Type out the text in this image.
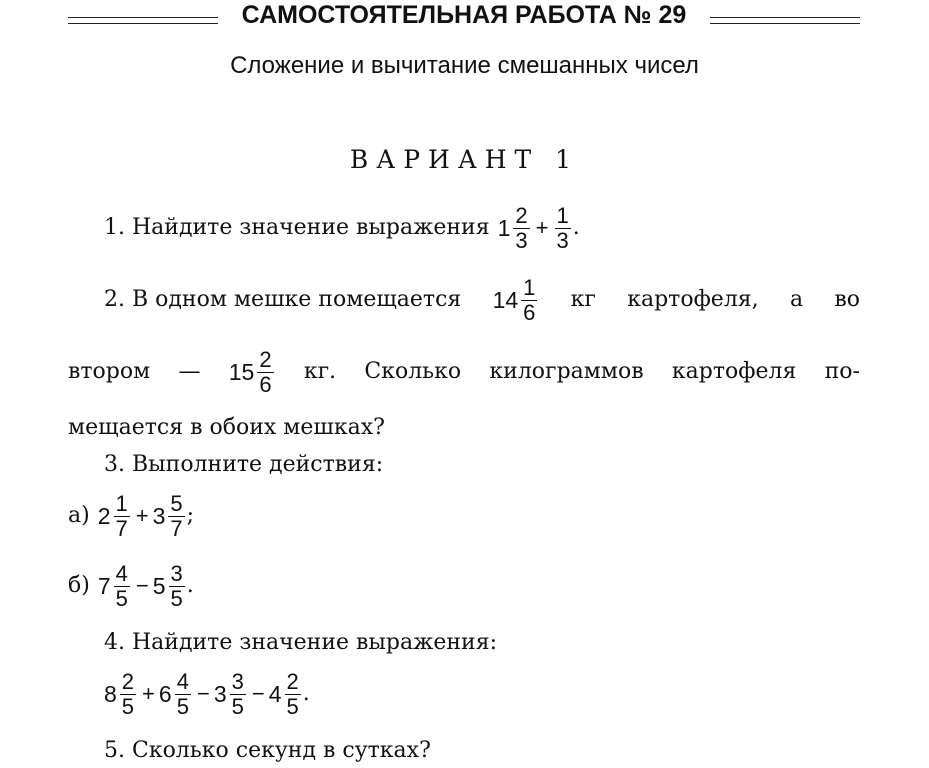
САМОСТОЯТЕЛЬНАЯ РАБОТА № 29
Сложение и вычитание смешанных чисел
ВАРИАНТ 1
1. Найдите значение выражения $1 \frac{2}{3} + \frac{1}{3}$ .
2. В одном мешке помещается $14 \frac{1}{6}$ кг картофеля, а во
втором — $15 \frac{2}{6}$ кг. Сколько килограммов картофеля по-
мещается в обоих мешках?
3. Выполните действия:
а) $2 \frac{1}{7} + 3 \frac{5}{7}$ ;
б) $7 \frac{4}{5} - 5 \frac{3}{5}$ .
4. Найдите значение выражения:
$8 \frac{2}{5} + 6 \frac{4}{5} - 3 \frac{3}{5} - 4 \frac{2}{5}$ .
5. Сколько секунд в сутках?
